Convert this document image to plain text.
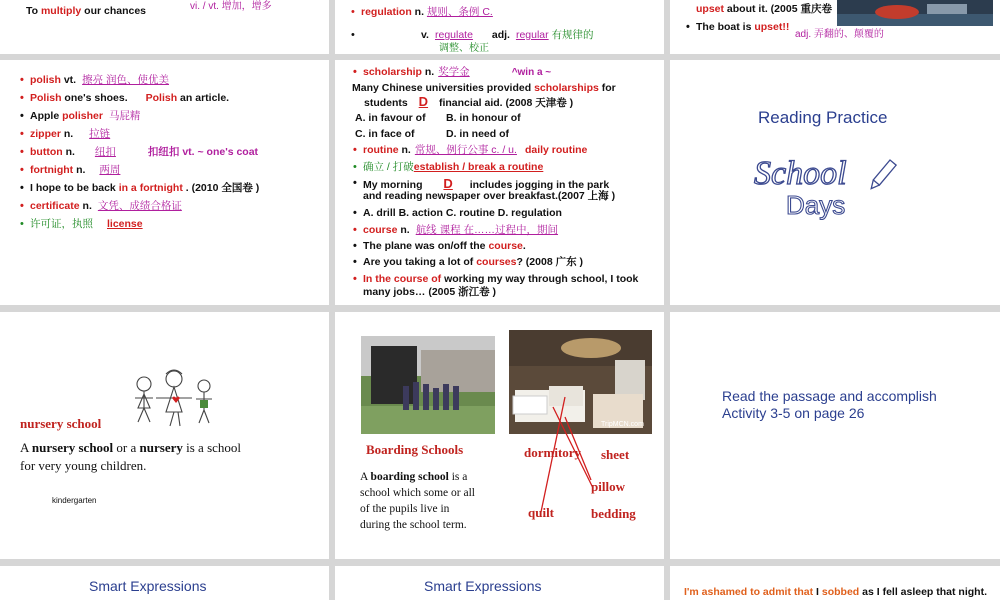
To multiply our chances	vi. / vt. 增加，增多
•	regulation n. 规则、条例 C.
• v. regulate adj. regular 有规律的
调整、校正
upset about it. (2005 重庆卷
• The boat is upset!!
adj. 弄翻的、颠覆的
• polish vt. 擦亮 润色、使优美
• Polish one's shoes. Polish an article.
• Apple polisher 马屁精
• zipper n. 拉链
• button n. 纽扣	扣纽扣 vt. ~ one's coat
• fortnight n. 两周
• I hope to be back in a fortnight . (2010 全国卷 )
• certificate n. 文凭、成绩合格证
• 许可证，执照 license
• scholarship n. 奖学金	^win a ~
Many Chinese universities provided scholarships for
students D financial aid. (2008 天津卷 )
A. in favour of B. in honour of
C. in face of	D. in need of
• routine n. 常规、例行公事 c. / u. daily routine
• 确立 / 打破establish / break a routine
• My morning D includes jogging in the park
and reading newspaper over breakfast.(2007 上海 )
• A. drill B. action C. routine D. regulation
• course n. 航线 课程 在……过程中，期间
• The plane was on/off the course.
• Are you taking a lot of courses? (2008 广东 )
• In the course of working my way through school, I took
many jobs… (2005 浙江卷 )
Reading Practice
School
Days
nursery school
A nursery school or a nursery is a school
for very young children.
kindergarten
TripMCN.com
Boarding Schools
A boarding school is a
school which some or all
of the pupils live in
during the school term.
dormitory sheet
pillow
quilt	bedding
Read the passage and accomplish
Activity 3-5 on page 26
Smart Expressions	Smart Expressions	I'm ashamed to admit that I sobbed as I fell asleep that night.
